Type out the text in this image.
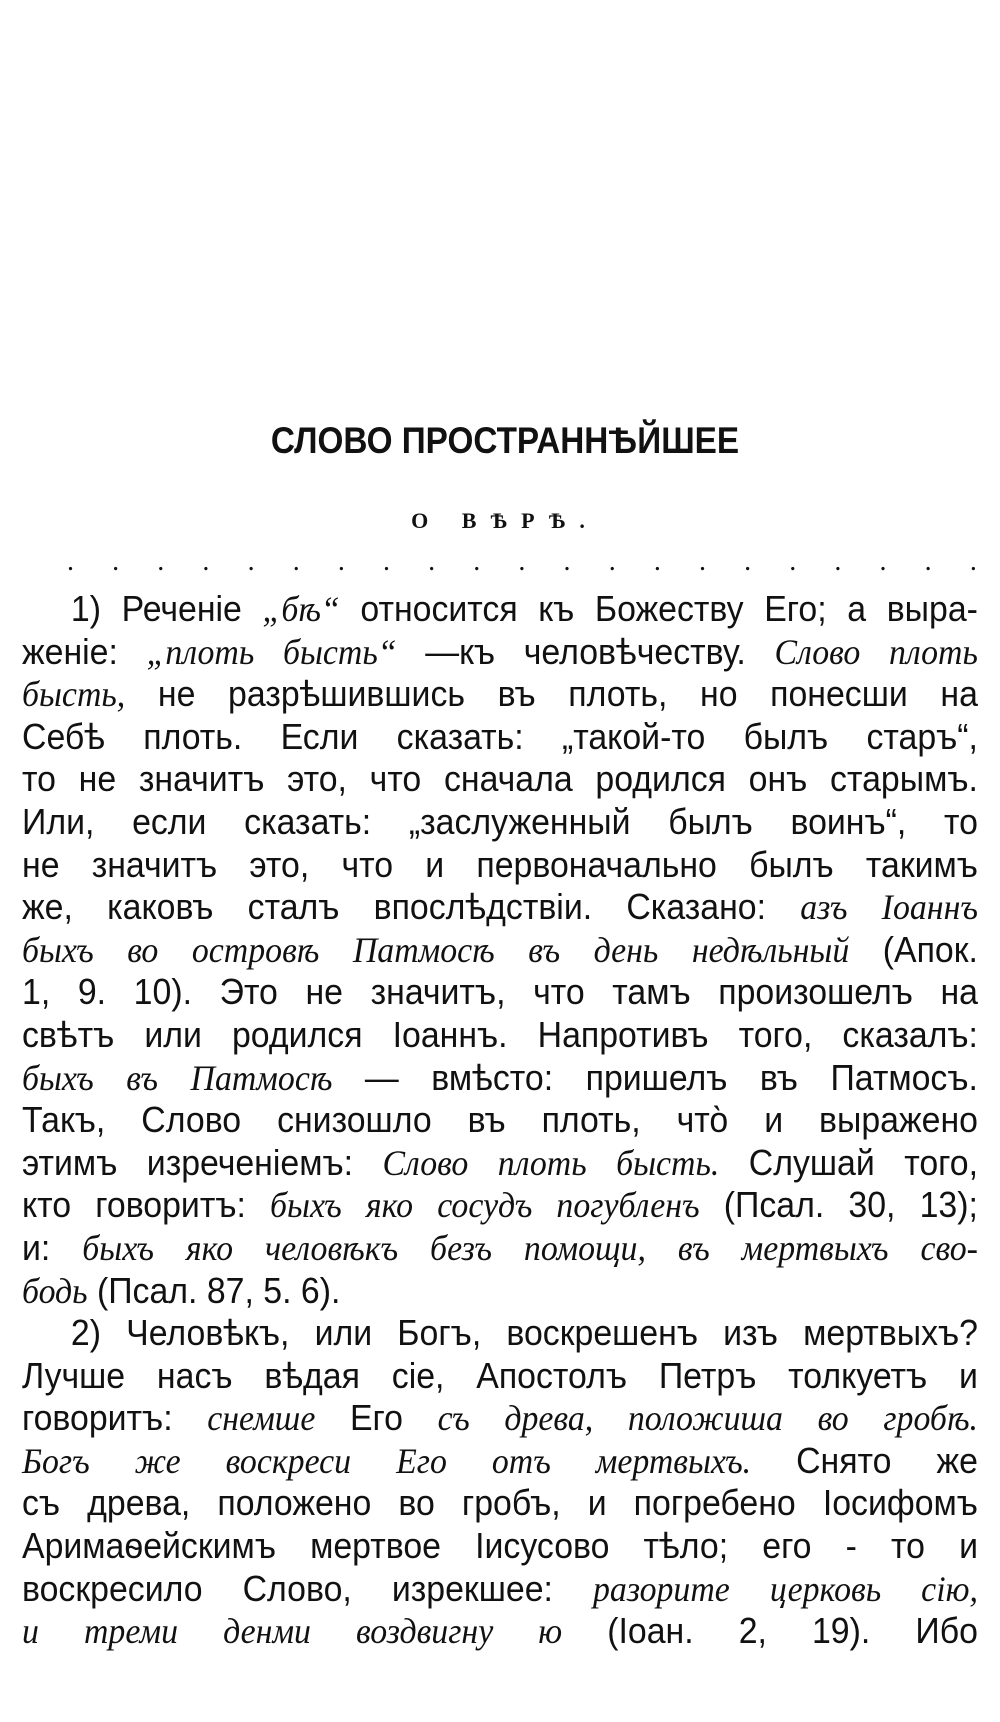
СЛОВО ПРОСТРАННѢЙШЕЕ
О ВѢРѢ.
. . . . . . . . . . . . . . . . . . . . .
1) Реченіе „бѣ“ относится къ Божеству Его; а выра-
женіе: „плоть бысть“ —къ человѣчеству. Слово плоть
бысть, не разрѣшившись въ плоть, но понесши на
Себѣ плоть. Если сказать: „такой-то былъ старъ“,
то не значитъ это, что сначала родился онъ старымъ.
Или, если сказать: „заслуженный былъ воинъ“, то
не значитъ это, что и первоначально былъ такимъ
же, каковъ сталъ впослѣдствіи. Сказано: азъ Іоаннъ
быхъ во островѣ Патмосѣ въ день недѣльный (Апок.
1, 9. 10). Это не значитъ, что тамъ произошелъ на
свѣтъ или родился Іоаннъ. Напротивъ того, сказалъ:
быхъ въ Патмосѣ — вмѣсто: пришелъ въ Патмосъ.
Такъ, Слово снизошло въ плоть, что̀ и выражено
этимъ изреченіемъ: Слово плоть бысть. Слушай того,
кто говоритъ: быхъ яко сосудъ погубленъ (Псал. 30, 13);
и: быхъ яко человѣкъ безъ помощи, въ мертвыхъ сво-
бодь (Псал. 87, 5. 6).
2) Человѣкъ, или Богъ, воскрешенъ изъ мертвыхъ?
Лучше насъ вѣдая сіе, Апостолъ Петръ толкуетъ и
говоритъ: снемше Его съ древа, положиша во гробѣ.
Богъ же воскреси Его отъ мертвыхъ. Снято же
съ древа, положено во гробъ, и погребено Іосифомъ
Аримаѳейскимъ мертвое Іисусово тѣло; его - то и
воскресило Слово, изрекшее: разорите церковь сію,
и треми денми воздвигну ю (Іоан. 2, 19). Ибо
